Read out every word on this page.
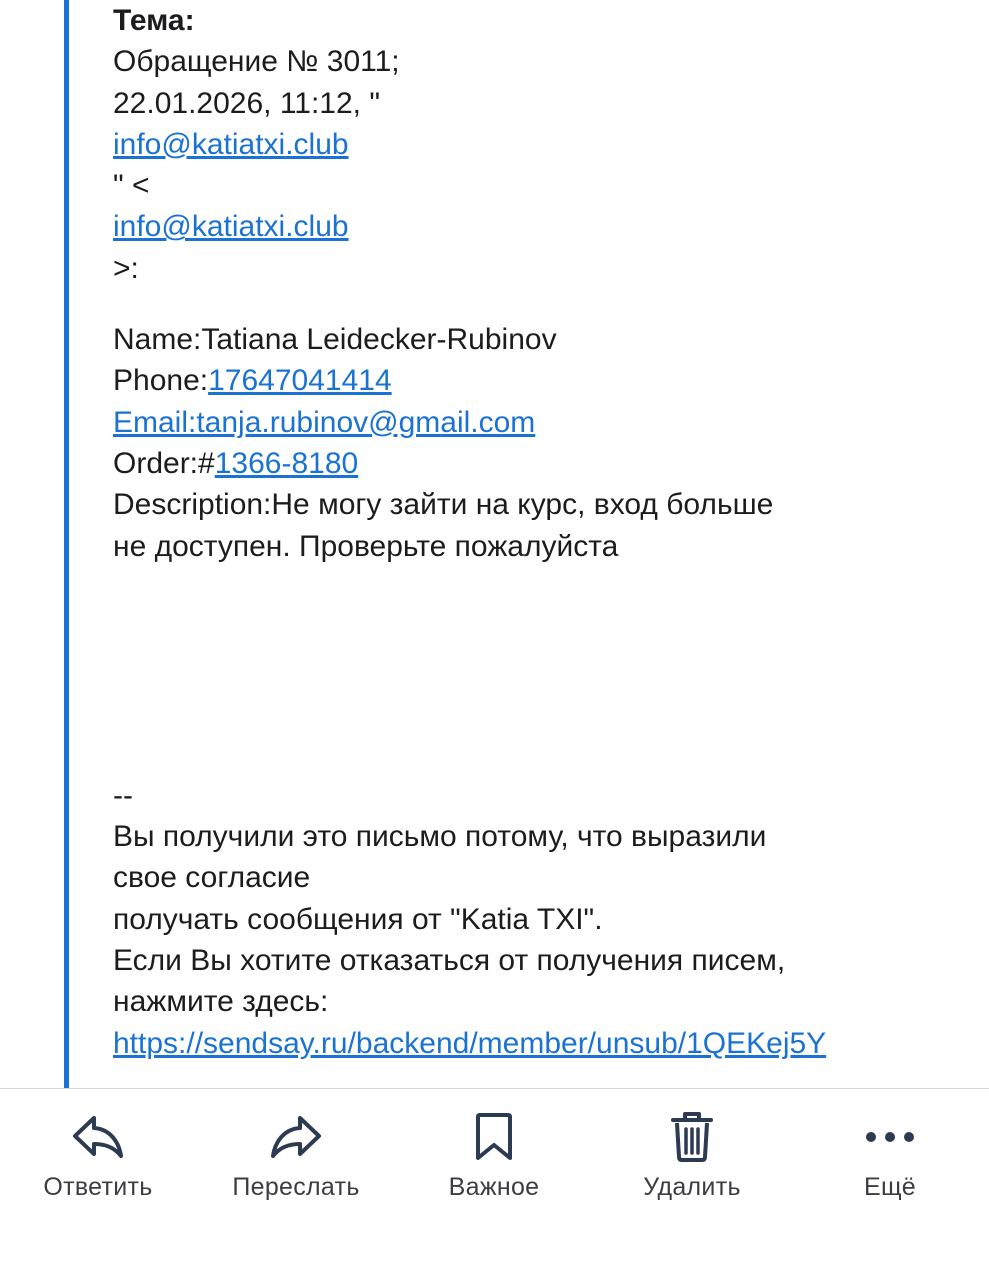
Тема:
Обращение № 3011;
22.01.2026, 11:12, "
info@katiatxi.club
" <
info@katiatxi.club
>:
Name:Tatiana Leidecker-Rubinov
Phone:17647041414
Email:tanja.rubinov@gmail.com
Order:#1366-8180
Description:Не могу зайти на курс, вход больше
не доступен. Проверьте пожалуйста
--
Вы получили это письмо потому, что выразили
свое согласие
получать сообщения от "Katia TXI".
Если Вы хотите отказаться от получения писем,
нажмите здесь:
https://sendsay.ru/backend/member/unsub/1QEKej5Y
Ответить	Переслать	Важное	Удалить	Ещё
